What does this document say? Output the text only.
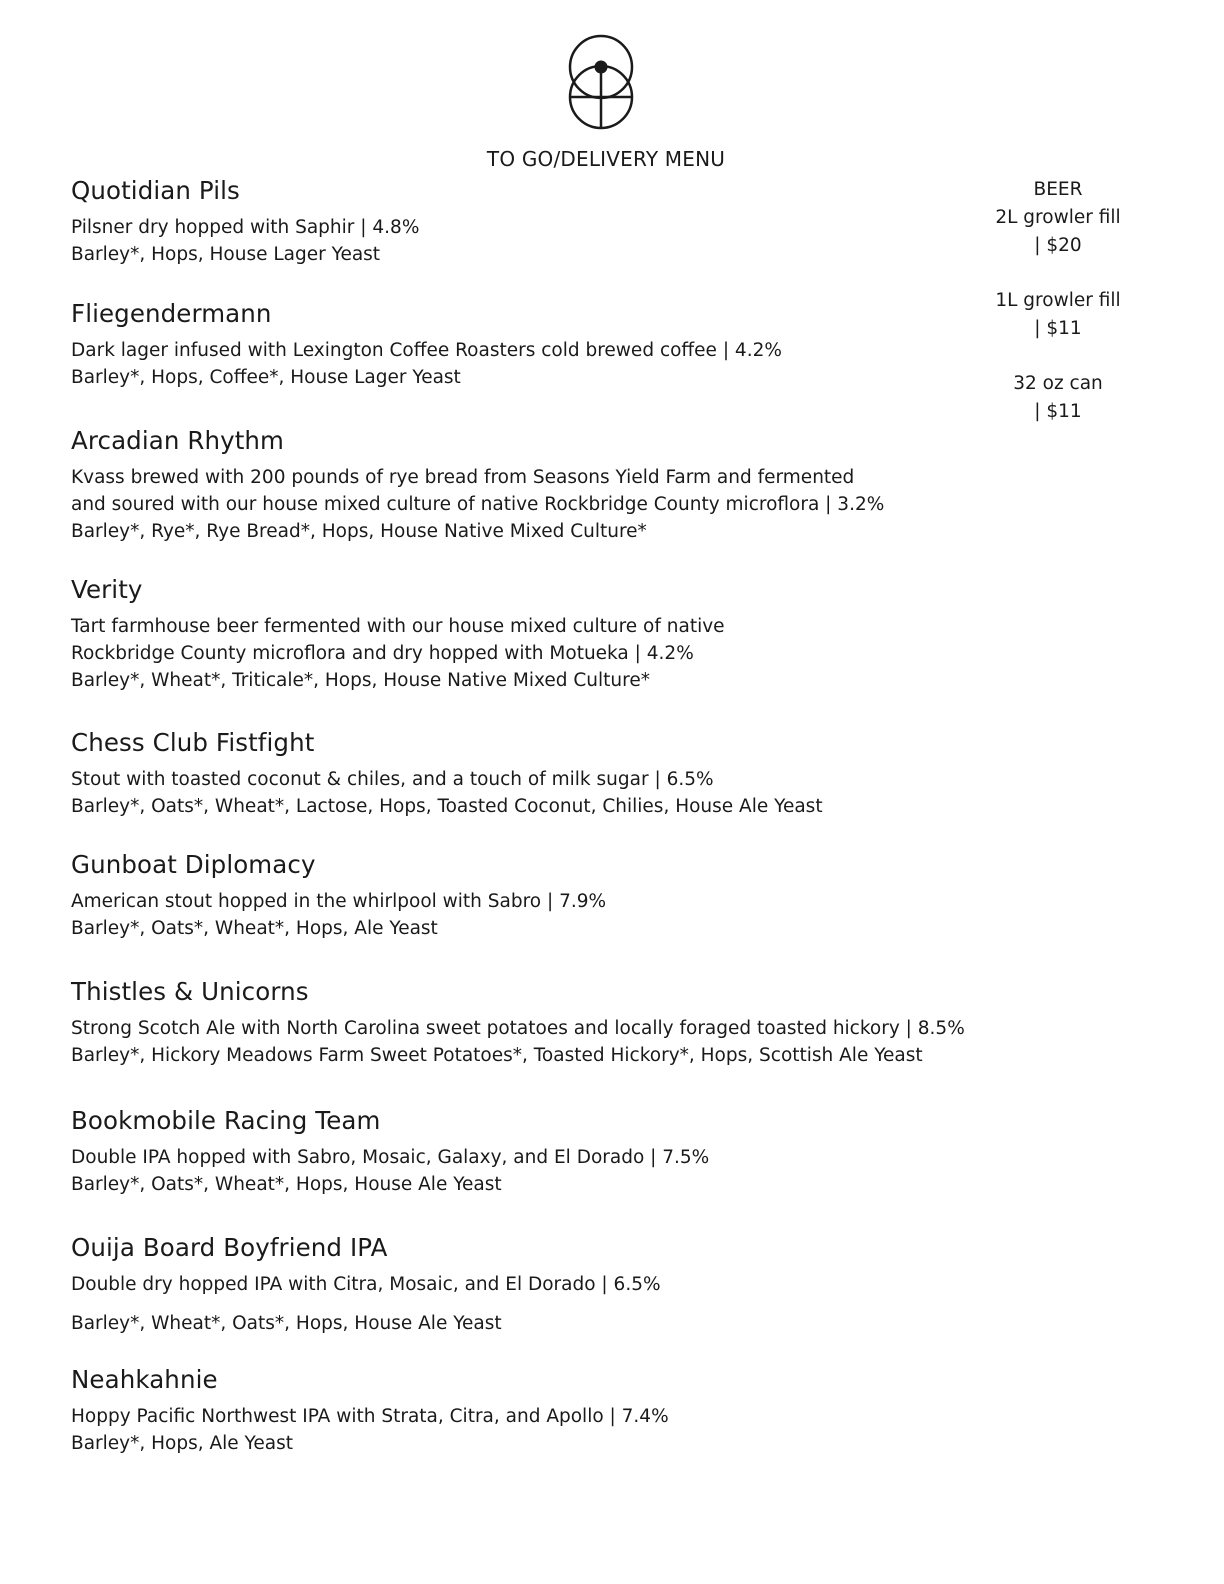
TO GO/DELIVERY MENU
BEER
2L growler fill
| $20
1L growler fill
| $11
32 oz can
| $11
Quotidian Pils
Pilsner dry hopped with Saphir | 4.8%
Barley*, Hops, House Lager Yeast
Fliegendermann
Dark lager infused with Lexington Coffee Roasters cold brewed coffee | 4.2%
Barley*, Hops, Coffee*, House Lager Yeast
Arcadian Rhythm
Kvass brewed with 200 pounds of rye bread from Seasons Yield Farm and fermented
and soured with our house mixed culture of native Rockbridge County microflora | 3.2%
Barley*, Rye*, Rye Bread*, Hops, House Native Mixed Culture*
Verity
Tart farmhouse beer fermented with our house mixed culture of native
Rockbridge County microflora and dry hopped with Motueka | 4.2%
Barley*, Wheat*, Triticale*, Hops, House Native Mixed Culture*
Chess Club Fistfight
Stout with toasted coconut & chiles, and a touch of milk sugar | 6.5%
Barley*, Oats*, Wheat*, Lactose, Hops, Toasted Coconut, Chilies, House Ale Yeast
Gunboat Diplomacy
American stout hopped in the whirlpool with Sabro | 7.9%
Barley*, Oats*, Wheat*, Hops, Ale Yeast
Thistles & Unicorns
Strong Scotch Ale with North Carolina sweet potatoes and locally foraged toasted hickory | 8.5%
Barley*, Hickory Meadows Farm Sweet Potatoes*, Toasted Hickory*, Hops, Scottish Ale Yeast
Bookmobile Racing Team
Double IPA hopped with Sabro, Mosaic, Galaxy, and El Dorado | 7.5%
Barley*, Oats*, Wheat*, Hops, House Ale Yeast
Ouija Board Boyfriend IPA
Double dry hopped IPA with Citra, Mosaic, and El Dorado | 6.5%
Barley*, Wheat*, Oats*, Hops, House Ale Yeast
Neahkahnie
Hoppy Pacific Northwest IPA with Strata, Citra, and Apollo | 7.4%
Barley*, Hops, Ale Yeast
